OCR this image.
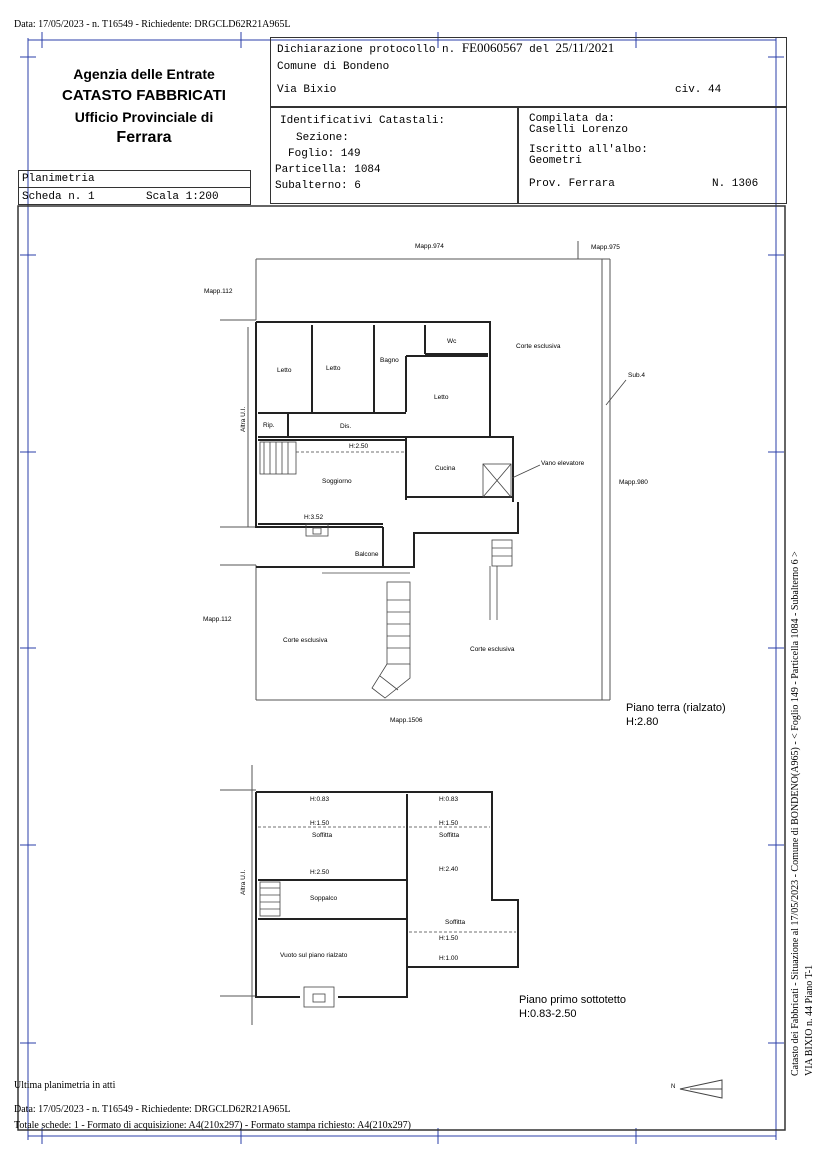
Data: 17/05/2023 - n. T16549 - Richiedente: DRGCLD62R21A965L
Agenzia delle Entrate
CATASTO FABBRICATI
Ufficio Provinciale di
Ferrara
Dichiarazione protocollo n. FE0060567 del 25/11/2021
Comune di Bondeno
Via Bixio	civ. 44
Identificativi Catastali:
Sezione:
Foglio: 149
Particella: 1084
Subalterno: 6
Compilata da:
Caselli Lorenzo
Iscritto all'albo:
Geometri
Prov. Ferrara	N. 1306
Planimetria
Scheda n. 1	Scala 1:200
Mapp.974	Mapp.975
Mapp.112
Mapp.112
Mapp.980
Mapp.1506
Sub.4
Altra U.I.
Letto	Letto
Bagno
Wc
Letto
Corte esclusiva
Rip.	Dis.
H:2.50
Soggiorno
Cucina
Vano elevatore
H:3.52
Balcone
Corte esclusiva
Corte esclusiva
Piano terra (rialzato)
H:2.80
Altra U.I.
H:0.83	H:0.83
H:1.50	H:1.50
Soffitta	Soffitta
H:2.50	H:2.40
Soppalco
Soffitta
H:1.50
H:1.00
Vuoto sul piano rialzato
Piano primo sottotetto
H:0.83-2.50
N
Catasto dei Fabbricati - Situazione al 17/05/2023 - Comune di BONDENO(A965) - < Foglio 149 - Particella 1084 - Subalterno 6 > VIA BIXIO n. 44 Piano T-1
Ultima planimetria in atti
Data: 17/05/2023 - n. T16549 - Richiedente: DRGCLD62R21A965L
Totale schede: 1 - Formato di acquisizione: A4(210x297) - Formato stampa richiesto: A4(210x297)
